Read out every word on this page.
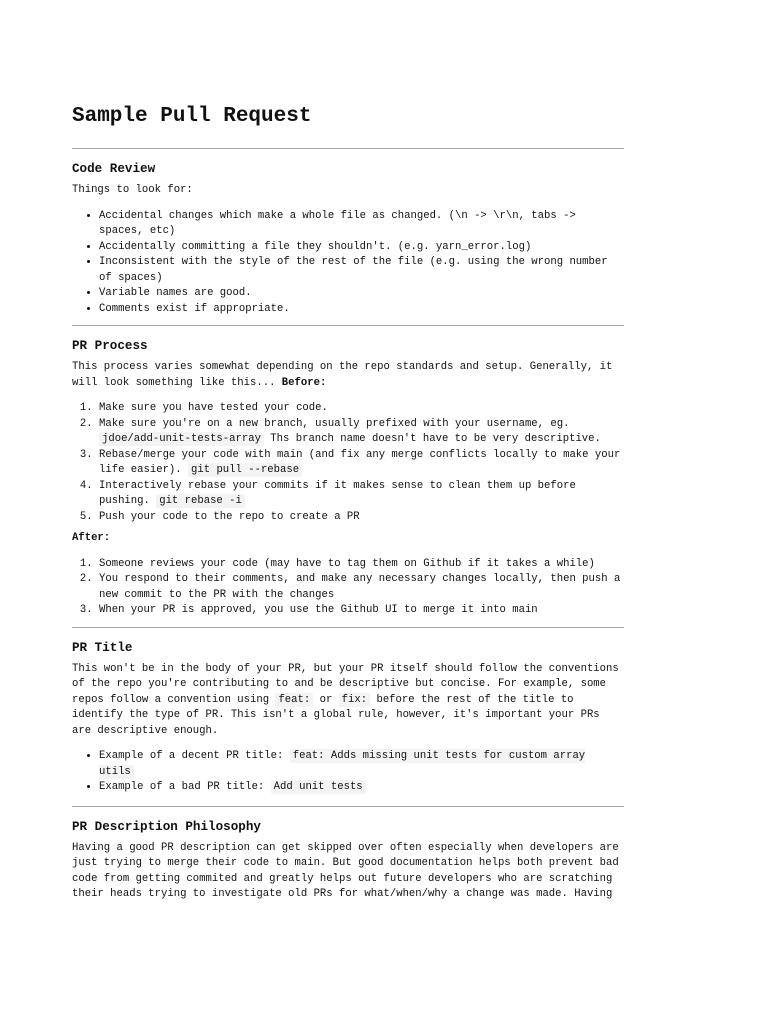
Sample Pull Request
Code Review

Things to look for:

• Accidental changes which make a whole file as changed. (\n -> \r\n, tabs -> spaces, etc)
• Accidentally committing a file they shouldn't. (e.g. yarn_error.log)
• Inconsistent with the style of the rest of the file (e.g. using the wrong number of spaces)
• Variable names are good.
• Comments exist if appropriate.
PR Process

This process varies somewhat depending on the repo standards and setup. Generally, it will look something like this... Before:

1. Make sure you have tested your code.
2. Make sure you're on a new branch, usually prefixed with your username, eg. jdoe/add-unit-tests-array Ths branch name doesn't have to be very descriptive.
3. Rebase/merge your code with main (and fix any merge conflicts locally to make your life easier). git pull --rebase
4. Interactively rebase your commits if it makes sense to clean them up before pushing. git rebase -i
5. Push your code to the repo to create a PR

After:

1. Someone reviews your code (may have to tag them on Github if it takes a while)
2. You respond to their comments, and make any necessary changes locally, then push a new commit to the PR with the changes
3. When your PR is approved, you use the Github UI to merge it into main
PR Title

This won't be in the body of your PR, but your PR itself should follow the conventions of the repo you're contributing to and be descriptive but concise. For example, some repos follow a convention using feat: or fix: before the rest of the title to identify the type of PR. This isn't a global rule, however, it's important your PRs are descriptive enough.

• Example of a decent PR title: feat: Adds missing unit tests for custom array utils
• Example of a bad PR title: Add unit tests
PR Description Philosophy

Having a good PR description can get skipped over often especially when developers are just trying to merge their code to main. But good documentation helps both prevent bad code from getting commited and greatly helps out future developers who are scratching their heads trying to investigate old PRs for what/when/why a change was made. Having
